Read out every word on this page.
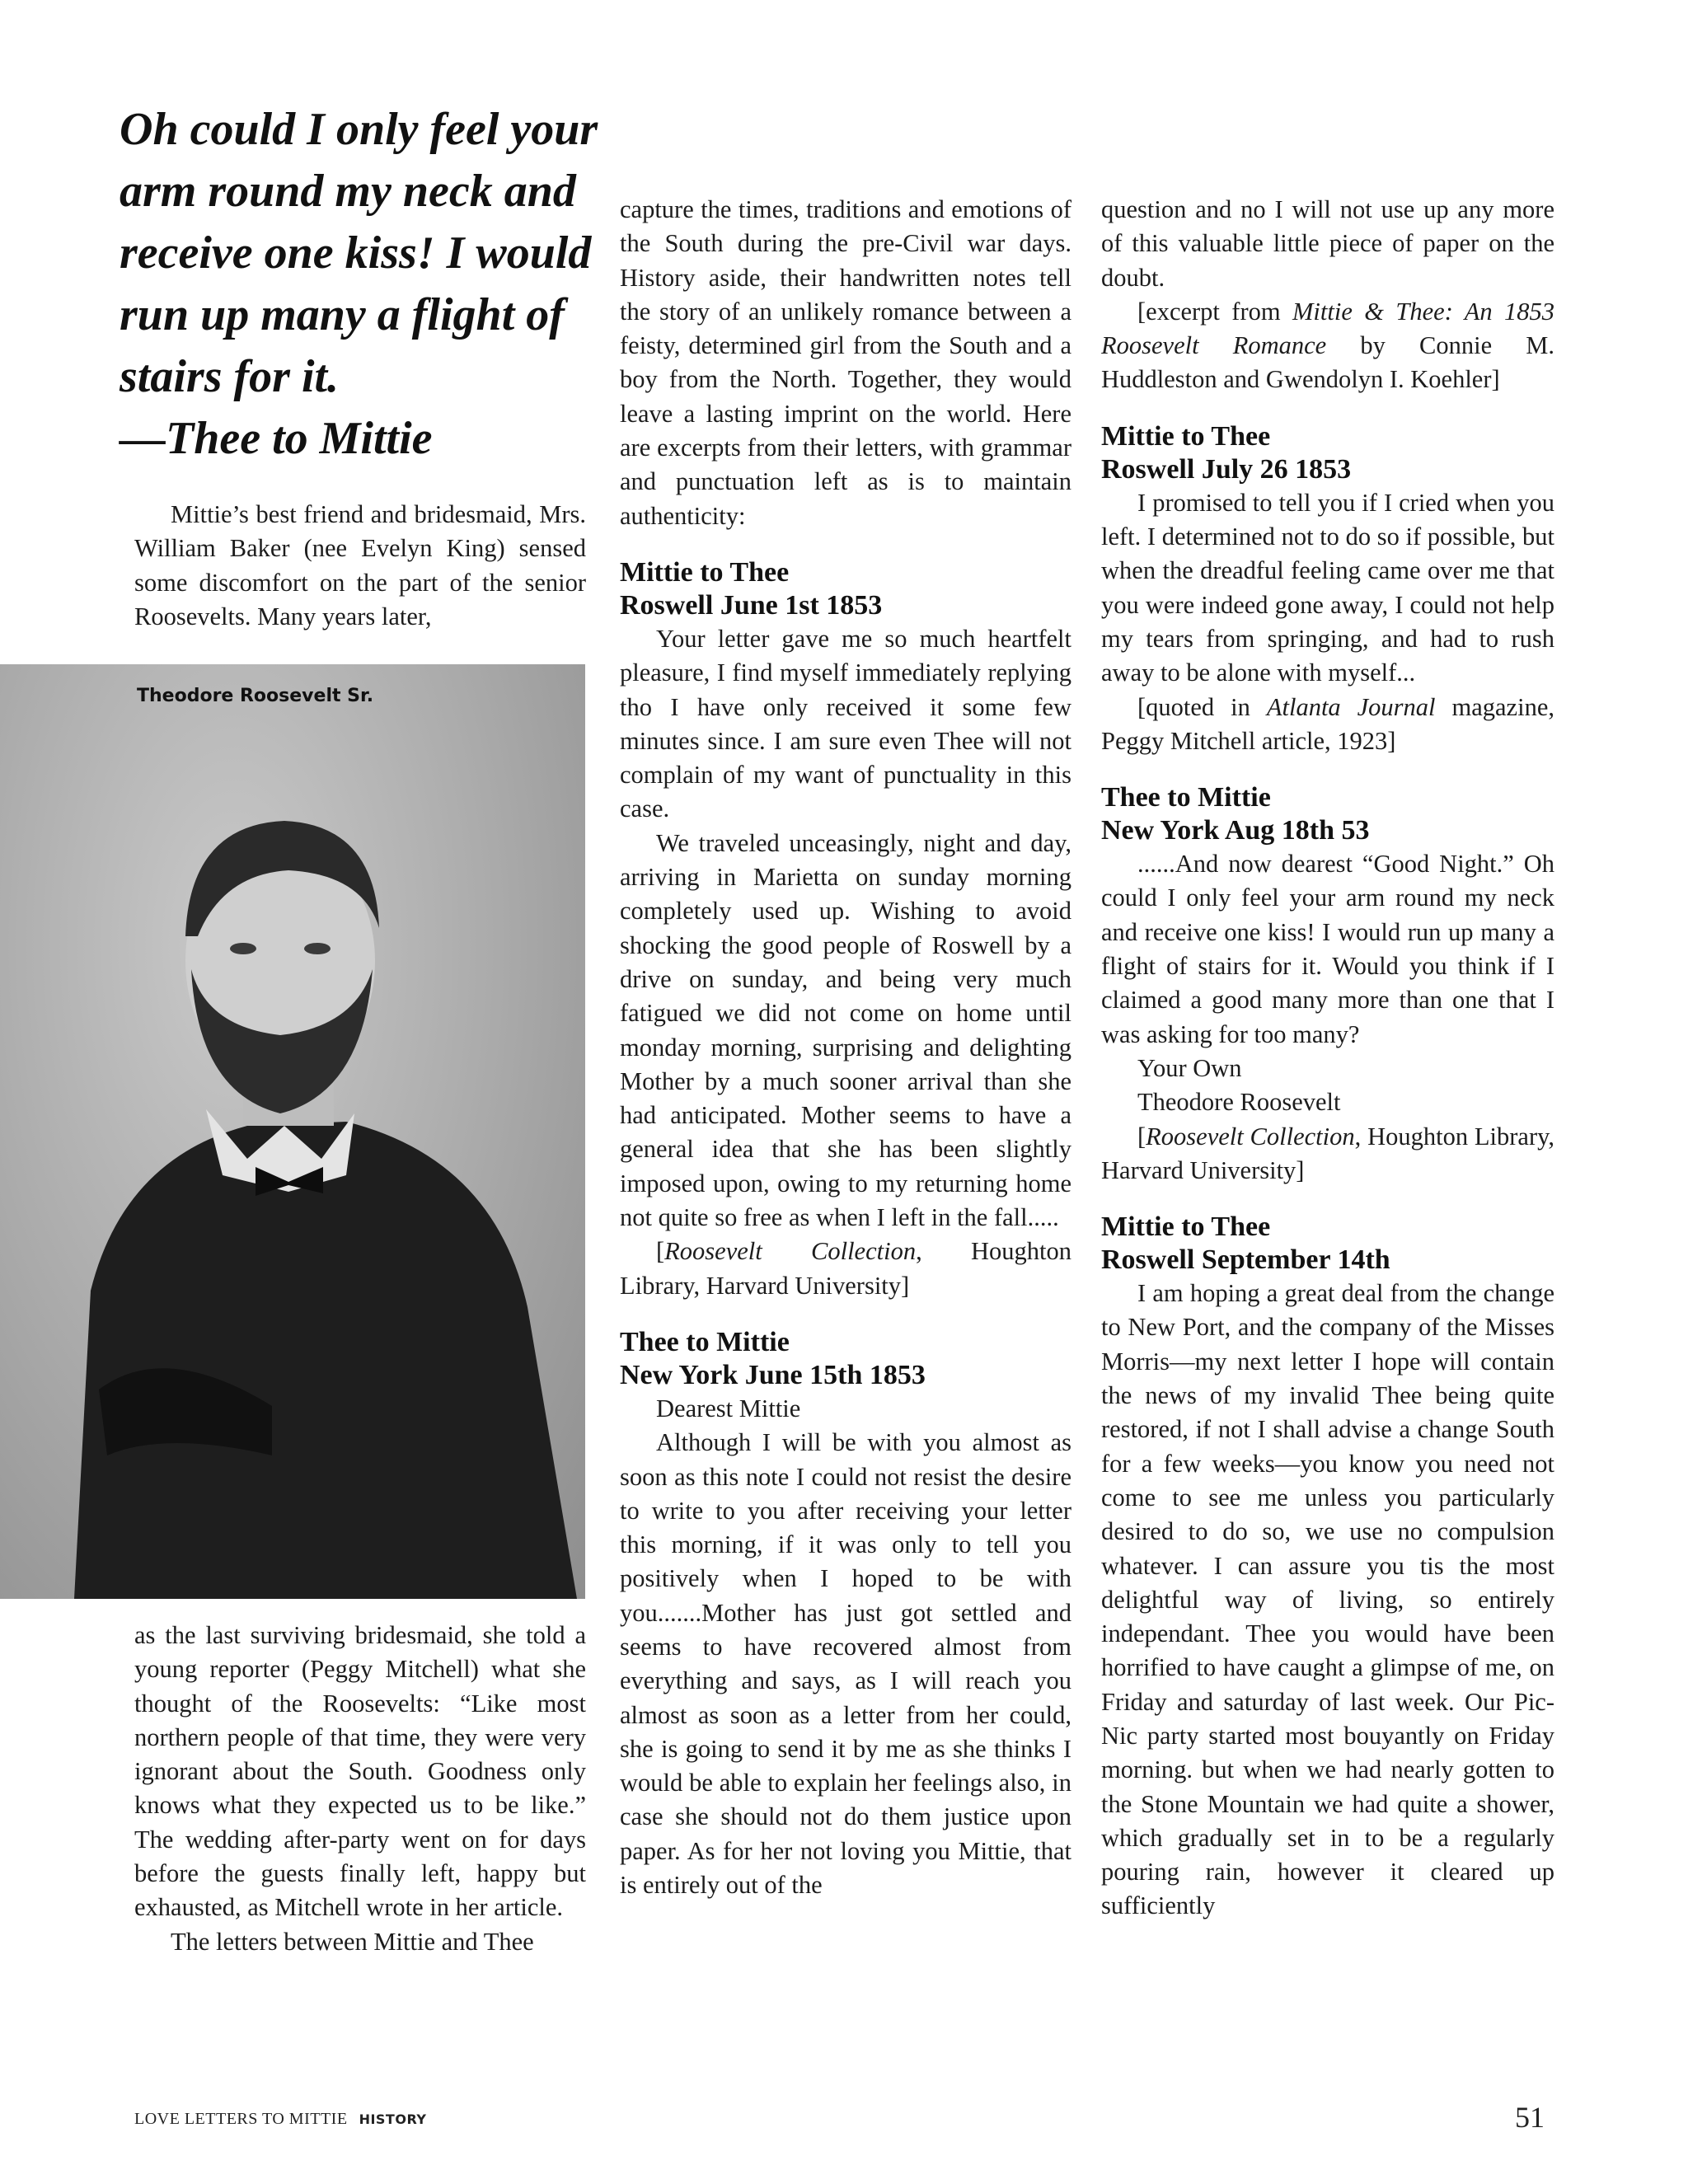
Oh could I only feel your

arm round my neck and

receive one kiss! I would

run up many a flight of

stairs for it.

—Thee to Mittie

Mittie’s best friend and bridesmaid, Mrs. William Baker (nee Evelyn King) sensed some discomfort on the part of the senior Roosevelts. Many years later,

Theodore Roosevelt Sr.

as the last surviving bridesmaid, she told a young reporter (Peggy Mitchell) what she thought of the Roosevelts: “Like most northern people of that time, they were very ignorant about the South. Goodness only knows what they expected us to be like.” The wedding after-party went on for days before the guests finally left, happy but exhausted, as Mitchell wrote in her article.

The letters between Mittie and Thee

capture the times, traditions and emotions of the South during the pre-Civil war days. History aside, their handwritten notes tell the story of an unlikely romance between a feisty, determined girl from the South and a boy from the North. Together, they would leave a lasting imprint on the world. Here are excerpts from their letters, with grammar and punctuation left as is to maintain authenticity:

Mittie to Thee
Roswell June 1st 1853

Your letter gave me so much heartfelt pleasure, I find myself immediately replying tho I have only received it some few minutes since. I am sure even Thee will not complain of my want of punctuality in this case.

We traveled unceasingly, night and day, arriving in Marietta on sunday morning completely used up. Wishing to avoid shocking the good people of Roswell by a drive on sunday, and being very much fatigued we did not come on home until monday morning, surprising and delighting Mother by a much sooner arrival than she had anticipated. Mother seems to have a general idea that she has been slightly imposed upon, owing to my returning home not quite so free as when I left in the fall.....

[Roosevelt Collection, Houghton Library, Harvard University]

Thee to Mittie
New York June 15th 1853

Dearest Mittie

Although I will be with you almost as soon as this note I could not resist the desire to write to you after receiving your letter this morning, if it was only to tell you positively when I hoped to be with you.......Mother has just got settled and seems to have recovered almost from everything and says, as I will reach you almost as soon as a letter from her could, she is going to send it by me as she thinks I would be able to explain her feelings also, in case she should not do them justice upon paper. As for her not loving you Mittie, that is entirely out of the

question and no I will not use up any more of this valuable little piece of paper on the doubt.

[excerpt from Mittie & Thee: An 1853 Roosevelt Romance by Connie M. Huddleston and Gwendolyn I. Koehler]

Mittie to Thee
Roswell July 26 1853

I promised to tell you if I cried when you left. I determined not to do so if possible, but when the dreadful feeling came over me that you were indeed gone away, I could not help my tears from springing, and had to rush away to be alone with myself...

[quoted in Atlanta Journal magazine, Peggy Mitchell article, 1923]

Thee to Mittie
New York Aug 18th 53

......And now dearest “Good Night.” Oh could I only feel your arm round my neck and receive one kiss! I would run up many a flight of stairs for it. Would you think if I claimed a good many more than one that I was asking for too many?

Your Own

Theodore Roosevelt

[Roosevelt Collection, Houghton Library, Harvard University]

Mittie to Thee
Roswell September 14th

I am hoping a great deal from the change to New Port, and the company of the Misses Morris—my next letter I hope will contain the news of my invalid Thee being quite restored, if not I shall advise a change South for a few weeks—you know you need not come to see me unless you particularly desired to do so, we use no compulsion whatever. I can assure you tis the most delightful way of living, so entirely independant. Thee you would have been horrified to have caught a glimpse of me, on Friday and saturday of last week. Our Pic-Nic party started most bouyantly on Friday morning. but when we had nearly gotten to the Stone Mountain we had quite a shower, which gradually set in to be a regularly pouring rain, however it cleared up sufficiently

LOVE LETTERS TO MITTIE HISTORY	51
